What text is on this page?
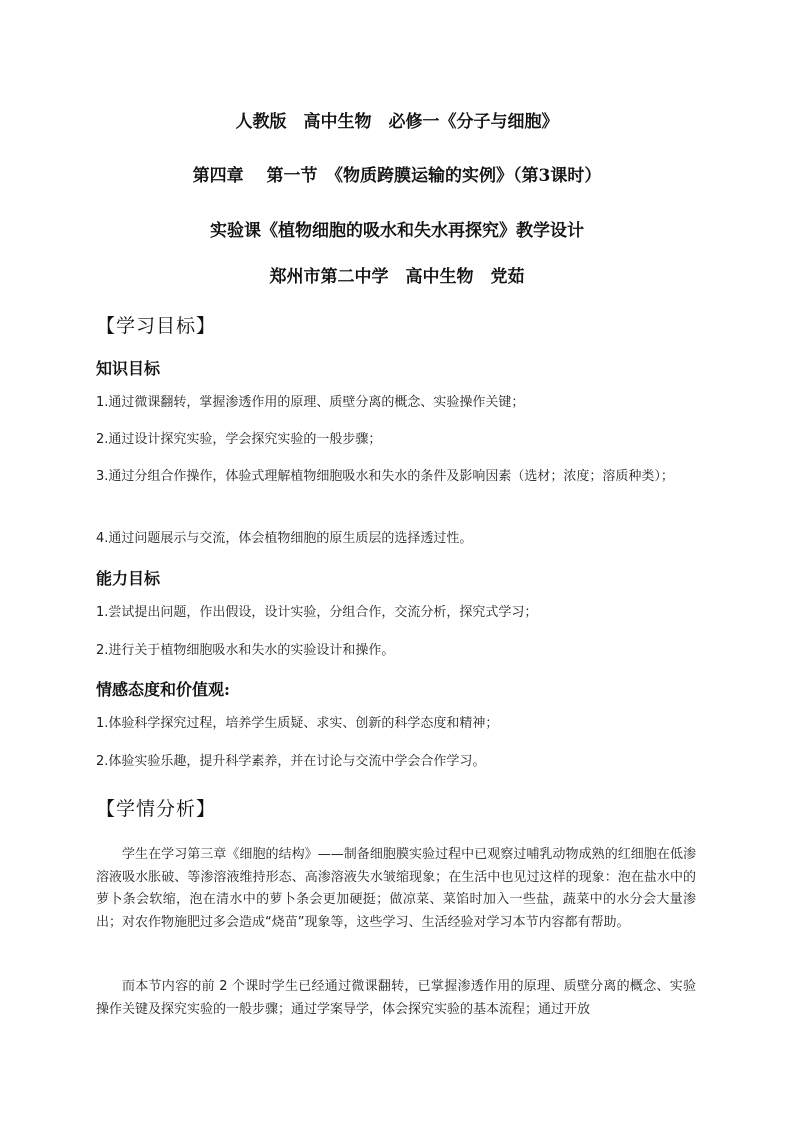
人教版　高中生物　必修一《分子与细胞》
第四章　 第一节　《物质跨膜运输的实例》（第3课时）
实验课《植物细胞的吸水和失水再探究》教学设计
郑州市第二中学　高中生物　党茹
【学习目标】
知识目标
1.通过微课翻转，掌握渗透作用的原理、质壁分离的概念、实验操作关键；
2.通过设计探究实验，学会探究实验的一般步骤；
3.通过分组合作操作，体验式理解植物细胞吸水和失水的条件及影响因素（选材；浓度；溶质种类）；
4.通过问题展示与交流，体会植物细胞的原生质层的选择透过性。
能力目标
1.尝试提出问题，作出假设，设计实验，分组合作，交流分析，探究式学习；
2.进行关于植物细胞吸水和失水的实验设计和操作。
情感态度和价值观:
1.体验科学探究过程，培养学生质疑、求实、创新的科学态度和精神；
2.体验实验乐趣，提升科学素养，并在讨论与交流中学会合作学习。
【学情分析】
学生在学习第三章《细胞的结构》——制备细胞膜实验过程中已观察过哺乳动物成熟的红细胞在低渗溶液吸水胀破、等渗溶液维持形态、高渗溶液失水皱缩现象；在生活中也见过这样的现象：泡在盐水中的萝卜条会软缩，泡在清水中的萝卜条会更加硬挺；做凉菜、菜馅时加入一些盐，蔬菜中的水分会大量渗出；对农作物施肥过多会造成“烧苗”现象等，这些学习、生活经验对学习本节内容都有帮助。
而本节内容的前 2 个课时学生已经通过微课翻转，已掌握渗透作用的原理、质壁分离的概念、实验操作关键及探究实验的一般步骤；通过学案导学，体会探究实验的基本流程；通过开放
